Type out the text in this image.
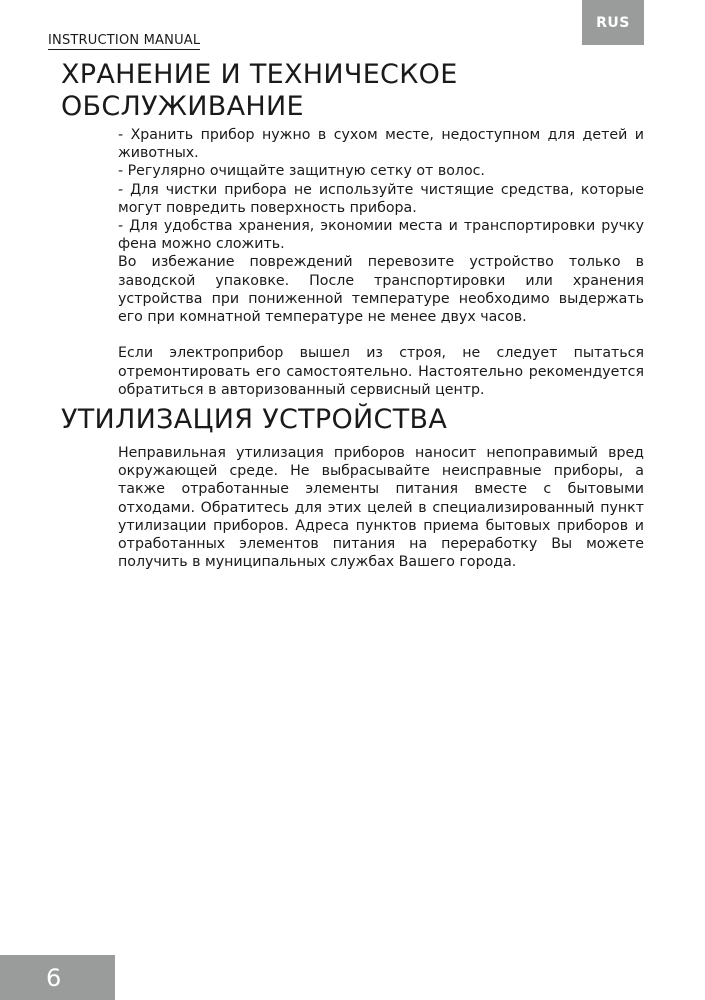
RUS
INSTRUCTION MANUAL
ХРАНЕНИЕ И ТЕХНИЧЕСКОЕ
ОБСЛУЖИВАНИЕ

- Хранить прибор нужно в сухом месте, недоступном для детей и животных.

- Регулярно очищайте защитную сетку от волос.

- Для чистки прибора не используйте чистящие средства, которые могут повредить поверхность прибора.

- Для удобства хранения, экономии места и транспортировки ручку фена можно сложить.

Во избежание повреждений перевозите устройство только в заводской упаковке. После транспортировки или хранения устройства при пониженной температуре необходимо выдержать его при комнатной температуре не менее двух часов.

Если электроприбор вышел из строя, не следует пытаться отремонтировать его самостоятельно. Настоятельно рекомендуется обратиться в авторизованный сервисный центр.

УТИЛИЗАЦИЯ УСТРОЙСТВА

Неправильная утилизация приборов наносит непоправимый вред окружающей среде. Не выбрасывайте неисправные приборы, а также отработанные элементы питания вместе с бытовыми отходами. Обратитесь для этих целей в специализированный пункт утилизации приборов. Адреса пунктов приема бытовых приборов и отработанных элементов питания на переработку Вы можете получить в муниципальных службах Вашего города.

6
